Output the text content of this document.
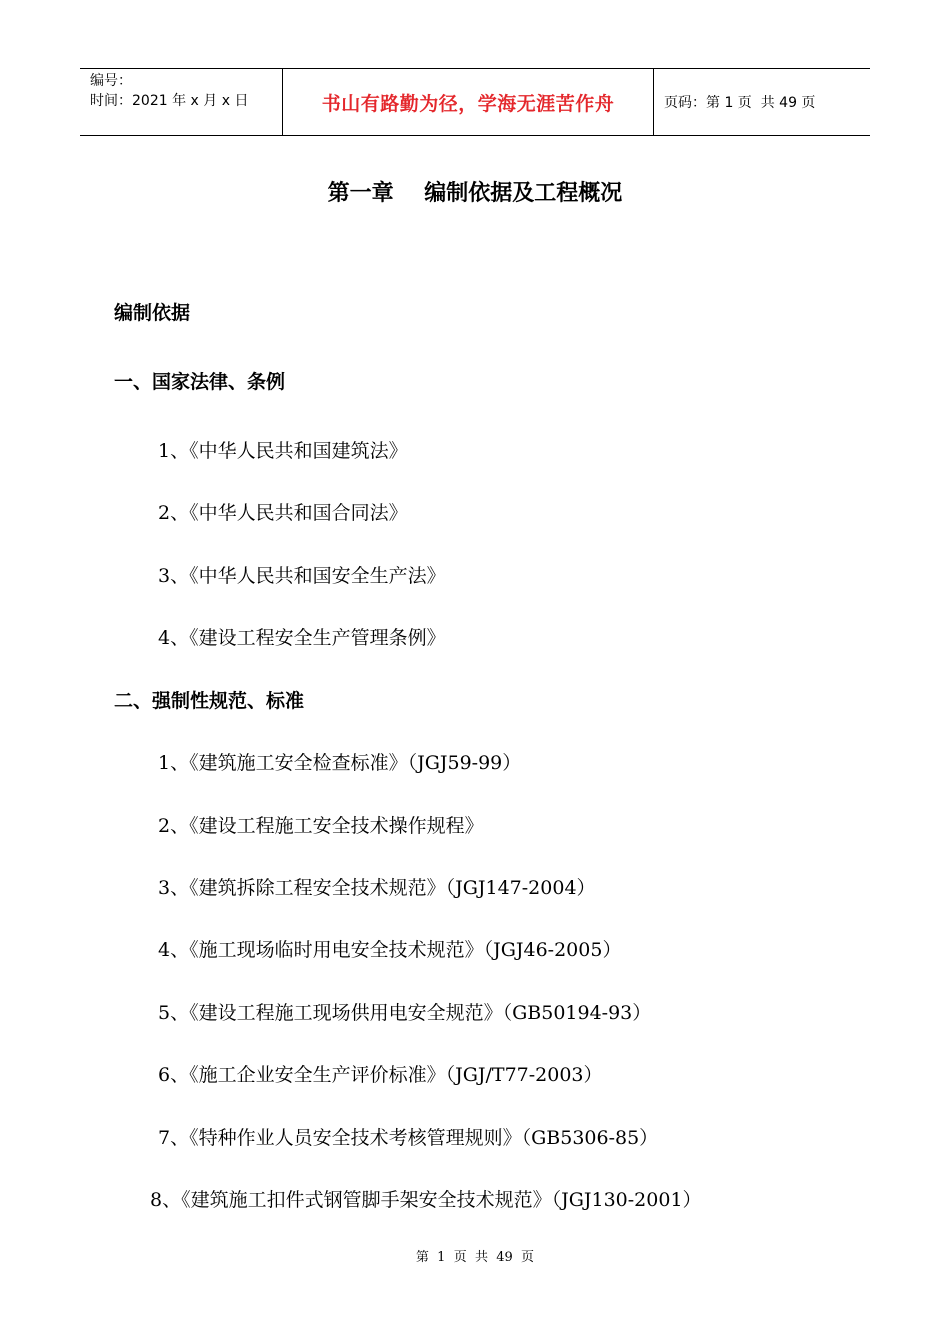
编号：
时间：2021 年 x 月 x 日	书山有路勤为径，学海无涯苦作舟	页码：第 1 页  共 49 页
第一章    编制依据及工程概况
编制依据
一、国家法律、条例
1、《中华人民共和国建筑法》
2、《中华人民共和国合同法》
3、《中华人民共和国安全生产法》
4、《建设工程安全生产管理条例》
二、强制性规范、标准
1、《建筑施工安全检查标准》（JGJ59-99）
2、《建设工程施工安全技术操作规程》
3、《建筑拆除工程安全技术规范》（JGJ147-2004）
4、《施工现场临时用电安全技术规范》（JGJ46-2005）
5、《建设工程施工现场供用电安全规范》（GB50194-93）
6、《施工企业安全生产评价标准》（JGJ/T77-2003）
7、《特种作业人员安全技术考核管理规则》（GB5306-85）
8、《建筑施工扣件式钢管脚手架安全技术规范》（JGJ130-2001）
第  1  页  共  49  页
